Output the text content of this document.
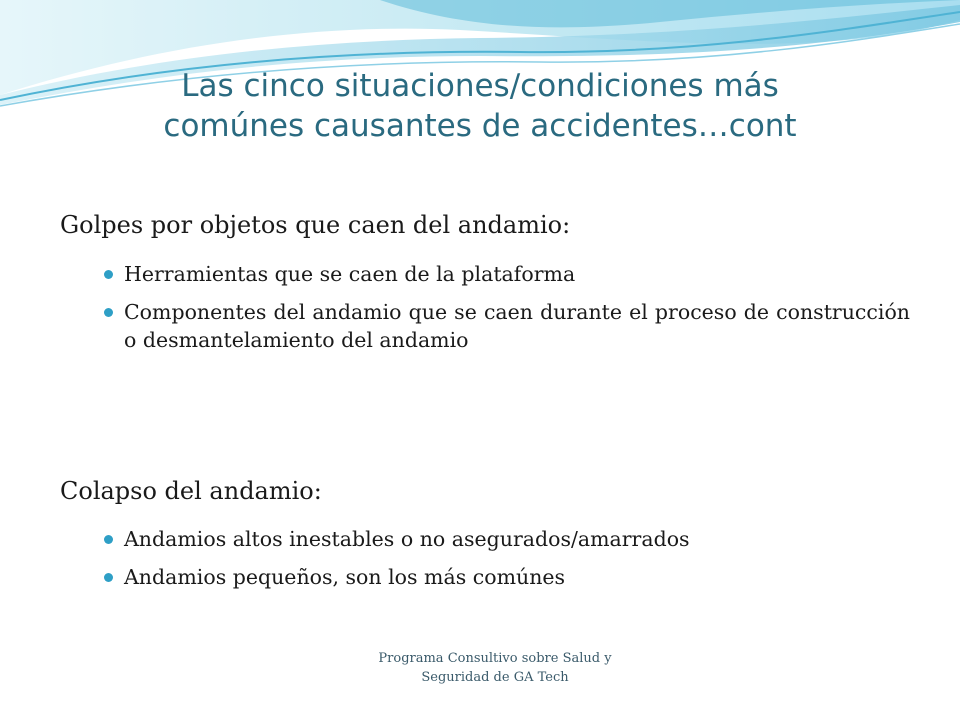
Las cinco situaciones/condiciones más
comúnes causantes de accidentes…cont
Golpes por objetos que caen del andamio:
Herramientas que se caen de la plataforma
Componentes del andamio que se caen durante el proceso de construcción o desmantelamiento del andamio
Colapso del andamio:
Andamios altos inestables o no asegurados/amarrados
Andamios pequeños, son los más comúnes
Programa Consultivo sobre Salud y
Seguridad de GA Tech
